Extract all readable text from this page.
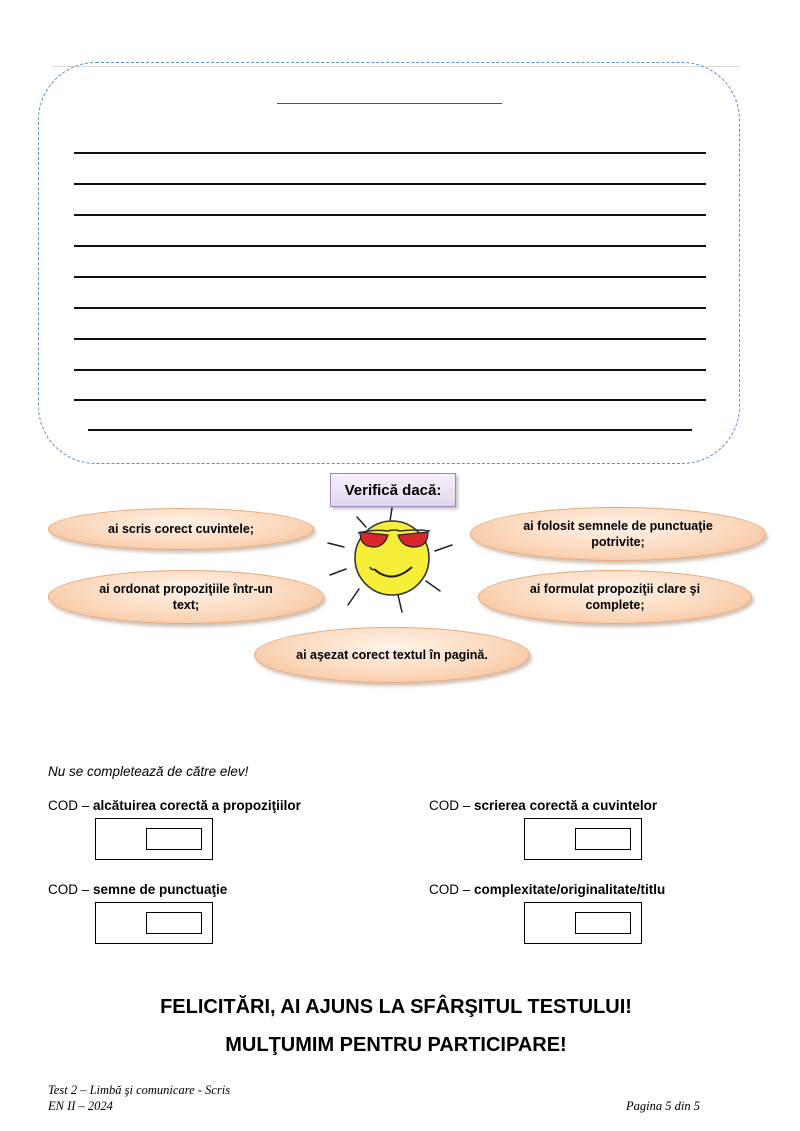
Verifică dacă:
ai scris corect cuvintele;	ai folosit semnele de punctuaţie potrivite;
ai ordonat propoziţiile într-un text;
ai formulat propoziţii clare şi complete;
ai aşezat corect textul în pagină.
Nu se completează de către elev!
COD – alcătuirea corectă a propoziţiilor	COD – scrierea corectă a cuvintelor
COD – semne de punctuaţie	COD – complexitate/originalitate/titlu
FELICITĂRI, AI AJUNS LA SFÂRŞITUL TESTULUI!
MULŢUMIM PENTRU PARTICIPARE!
Test 2 – Limbă şi comunicare - Scris
EN II – 2024	Pagina 5 din 5
